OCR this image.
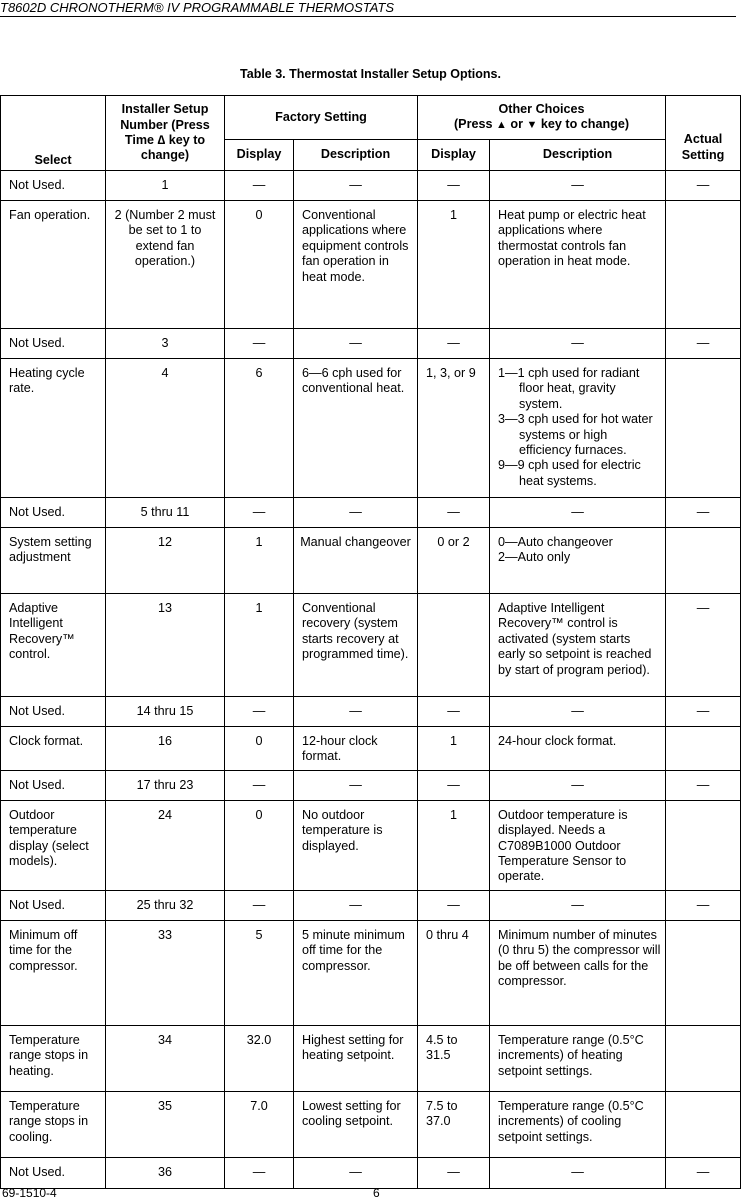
T8602D CHRONOTHERM® IV PROGRAMMABLE THERMOSTATS
Table 3. Thermostat Installer Setup Options.
Select	Installer Setup Number (Press Time ∆ key to change)	Factory Setting		Other Choices
(Press ▲ or ▼ key to change)		Actual Setting
		Display	Description	Display	Description	
Not Used.	1	—	—	—	—	—
Fan operation.	2 (Number 2 must be set to 1 to extend fan operation.)	0	Conventional applications where equipment controls fan operation in heat mode.	1	Heat pump or electric heat applications where thermostat controls fan operation in heat mode.	

Not Used.	3	—	—	—	—	—
Heating cycle rate.	4	6	6—6 cph used for conventional heat.	1, 3, or 9	1—1 cph used for radiant floor heat, gravity system.
3—3 cph used for hot water systems or high efficiency furnaces.
9—9 cph used for electric heat systems.	

Not Used.	5 thru 11	—	—	—	—	—
System setting adjustment	12	1	Manual changeover	0 or 2	0—Auto changeover
2—Auto only	

Adaptive Intelligent Recovery™ control.	13	1	Conventional recovery (system starts recovery at programmed time).		Adaptive Intelligent Recovery™ control is activated (system starts early so setpoint is reached by start of program period).	—
Not Used.	14 thru 15	—	—	—	—	—
Clock format.	16	0	12-hour clock format.	1	24-hour clock format.	

Not Used.	17 thru 23	—	—	—	—	—
Outdoor temperature display (select models).	24	0	No outdoor temperature is displayed.	1	Outdoor temperature is displayed. Needs a C7089B1000 Outdoor Temperature Sensor to operate.	

Not Used.	25 thru 32	—	—	—	—	—
Minimum off time for the compressor.	33	5	5 minute minimum off time for the compressor.	0 thru 4	Minimum number of minutes (0 thru 5) the compressor will be off between calls for the compressor.	

Temperature range stops in heating.	34	32.0	Highest setting for heating setpoint.	4.5 to 31.5	Temperature range (0.5°C increments) of heating setpoint settings.	

Temperature range stops in cooling.	35	7.0	Lowest setting for cooling setpoint.	7.5 to 37.0	Temperature range (0.5°C increments) of cooling setpoint settings.	

Not Used.	36	—	—	—	—	—
69-1510-4	6
